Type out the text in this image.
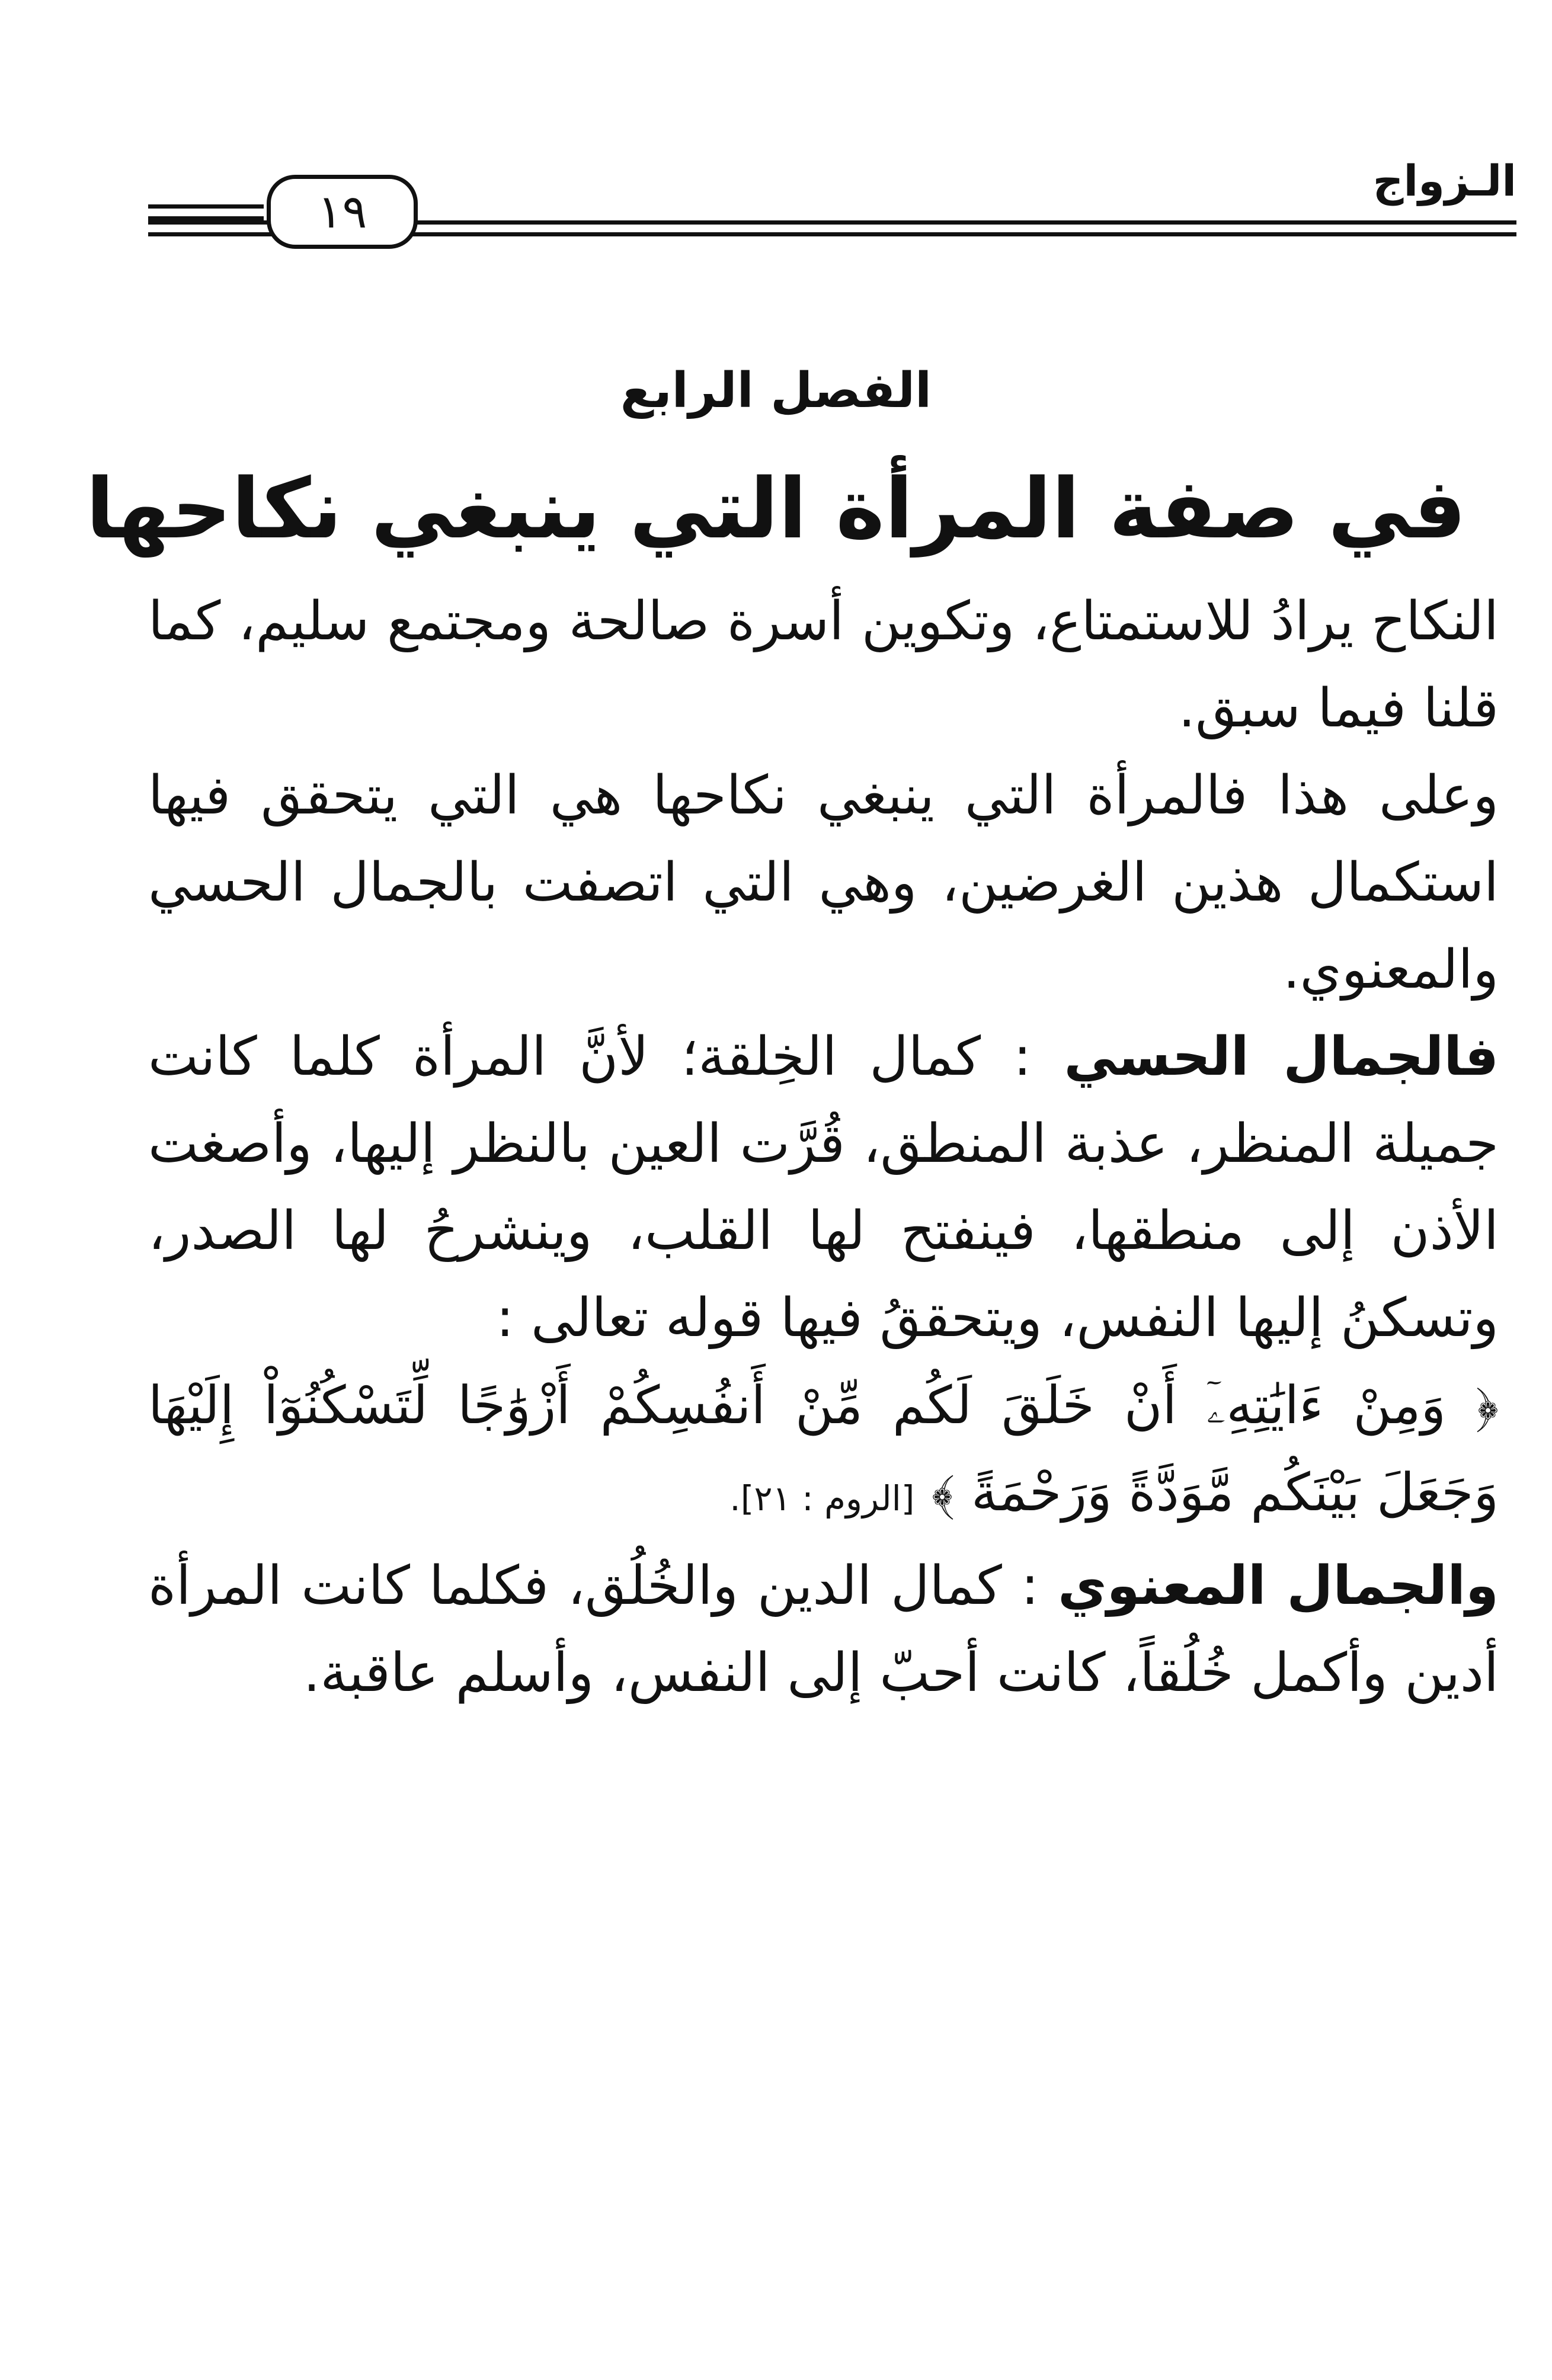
الـزواج
١٩
الفصل الرابع
في صفة المرأة التي ينبغي نكاحها

النكاح يرادُ للاستمتاع، وتكوين أسرة صالحة ومجتمع سليم، كما قلنا فيما سبق.

وعلى هذا فالمرأة التي ينبغي نكاحها هي التي يتحقق فيها استكمال هذين الغرضين، وهي التي اتصفت بالجمال الحسي والمعنوي.

فالجمال الحسي : كمال الخِلقة؛ لأنَّ المرأة كلما كانت جميلة المنظر، عذبة المنطق، قُرَّت العين بالنظر إليها، وأصغت الأذن إلى منطقها، فينفتح لها القلب، وينشرحُ لها الصدر، وتسكنُ إليها النفس، ويتحققُ فيها قوله تعالى :

﴿ وَمِنْ ءَايَٰتِهِۦٓ أَنْ خَلَقَ لَكُم مِّنْ أَنفُسِكُمْ أَزْوَٰجًا لِّتَسْكُنُوٓاْ إِلَيْهَا وَجَعَلَ بَيْنَكُم مَّوَدَّةً وَرَحْمَةً ﴾ [الروم : ٢١].

والجمال المعنوي : كمال الدين والخُلُق، فكلما كانت المرأة أدين وأكمل خُلُقاً، كانت أحبّ إلى النفس، وأسلم عاقبة.
